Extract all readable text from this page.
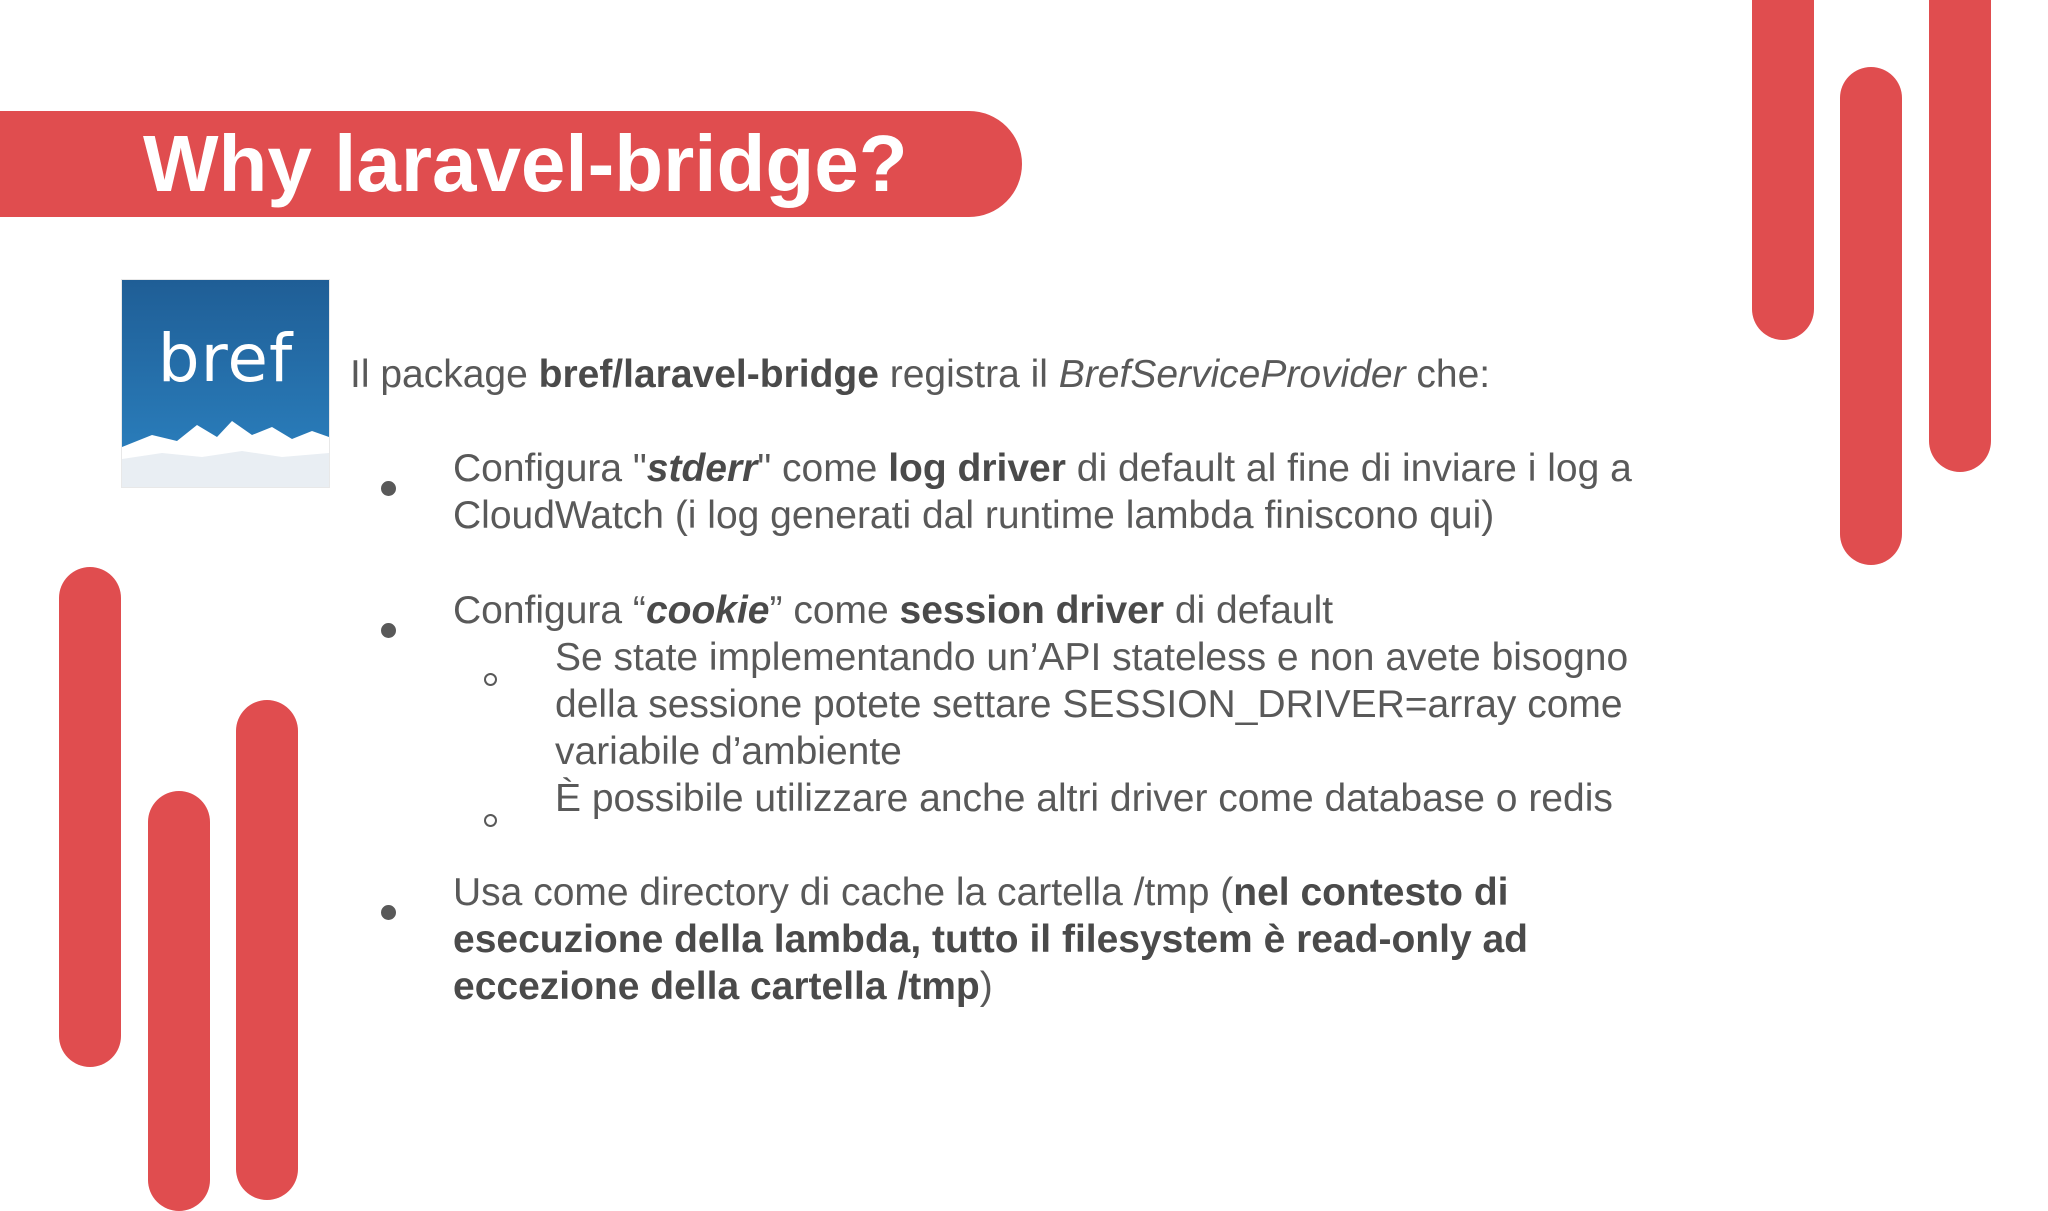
Why laravel-bridge?
bref	Il package bref/laravel-bridge registra il BrefServiceProvider che:
Configura "stderr" come log driver di default al fine di inviare i log a
CloudWatch (i log generati dal runtime lambda finiscono qui)
Configura “cookie” come session driver di default
Se state implementando un’API stateless e non avete bisogno
della sessione potete settare SESSION_DRIVER=array come
variabile d’ambiente
È possibile utilizzare anche altri driver come database o redis
Usa come directory di cache la cartella /tmp (nel contesto di
esecuzione della lambda, tutto il filesystem è read-only ad
eccezione della cartella /tmp)
